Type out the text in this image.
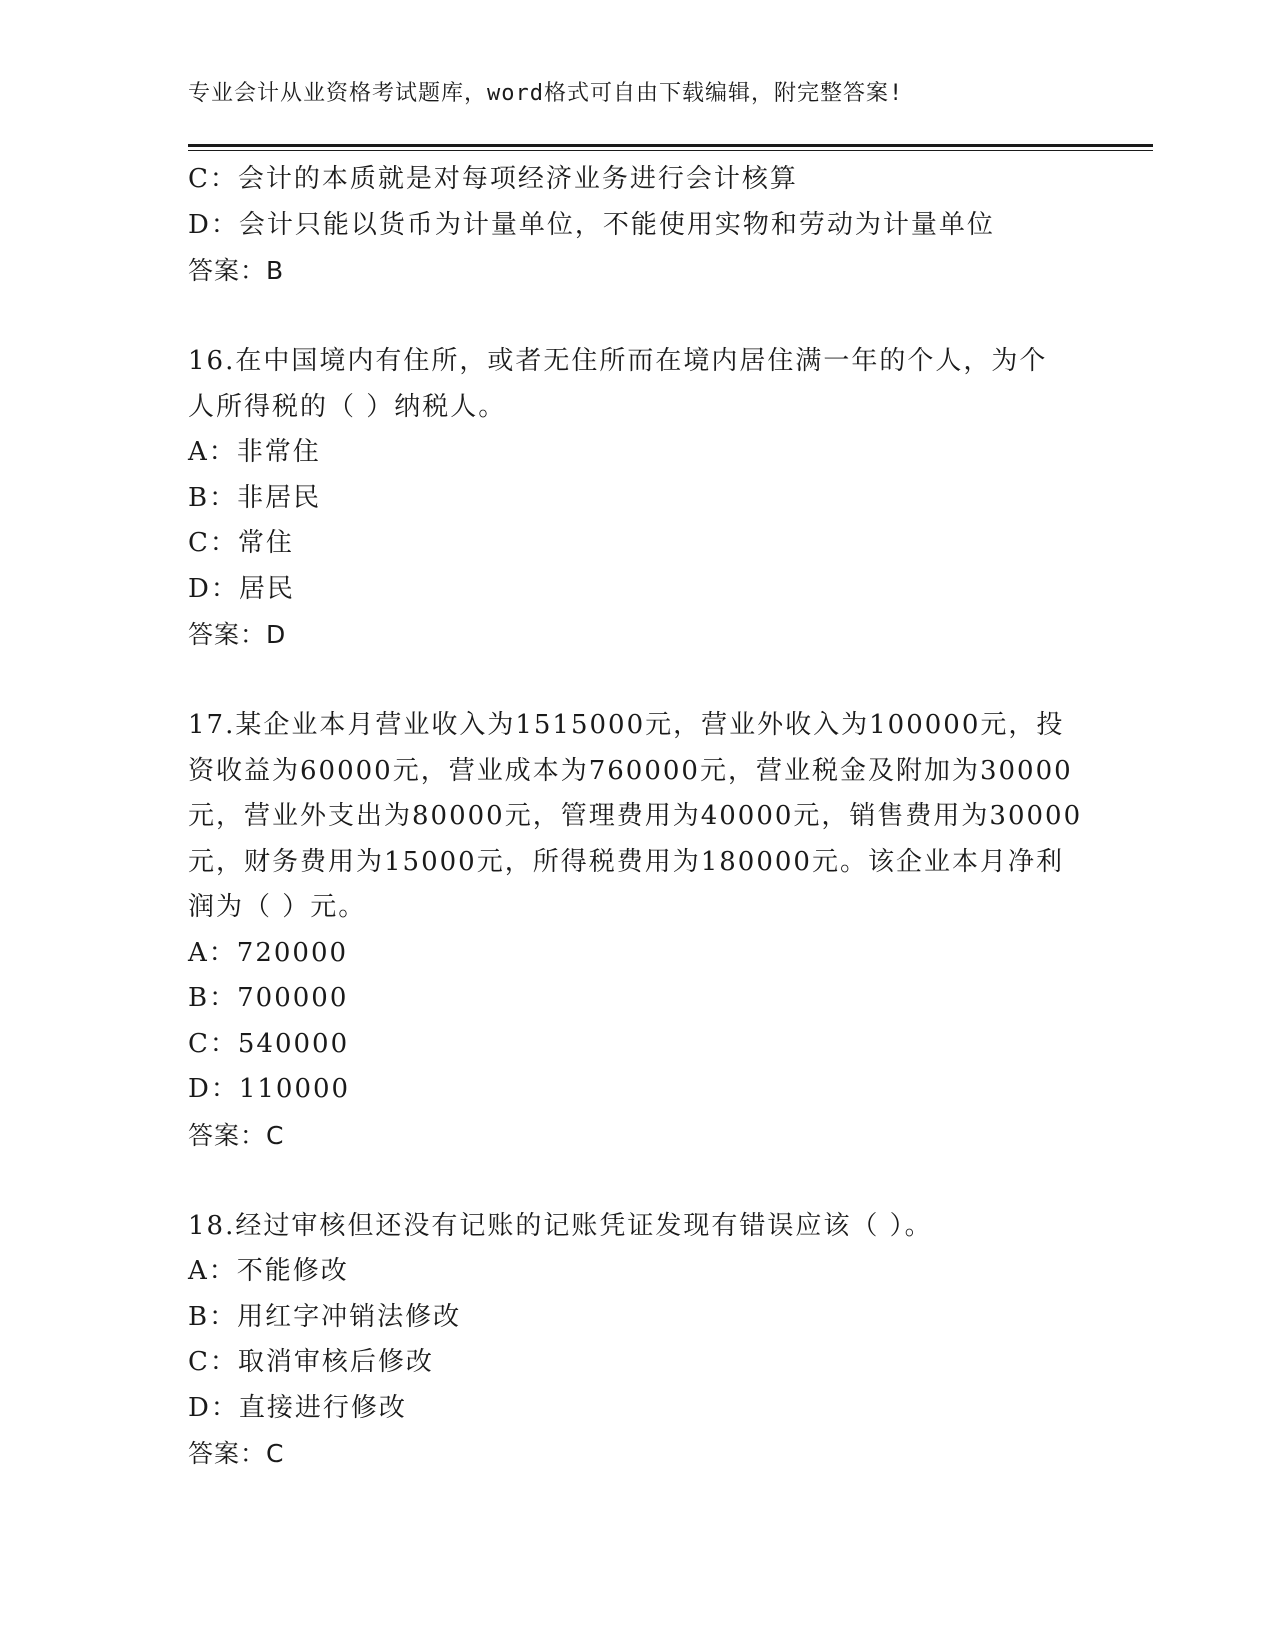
专业会计从业资格考试题库，word格式可自由下载编辑，附完整答案!
C：会计的本质就是对每项经济业务进行会计核算
D：会计只能以货币为计量单位，不能使用实物和劳动为计量单位
答案：B
16.在中国境内有住所，或者无住所而在境内居住满一年的个人，为个
人所得税的（ ）纳税人。
A：非常住
B：非居民
C：常住
D：居民
答案：D
17.某企业本月营业收入为1515000元，营业外收入为100000元，投
资收益为60000元，营业成本为760000元，营业税金及附加为30000
元，营业外支出为80000元，管理费用为40000元，销售费用为30000
元，财务费用为15000元，所得税费用为180000元。该企业本月净利
润为（ ）元。
A：720000
B：700000
C：540000
D：110000
答案：C
18.经过审核但还没有记账的记账凭证发现有错误应该（ ）。
A：不能修改
B：用红字冲销法修改
C：取消审核后修改
D：直接进行修改
答案：C
